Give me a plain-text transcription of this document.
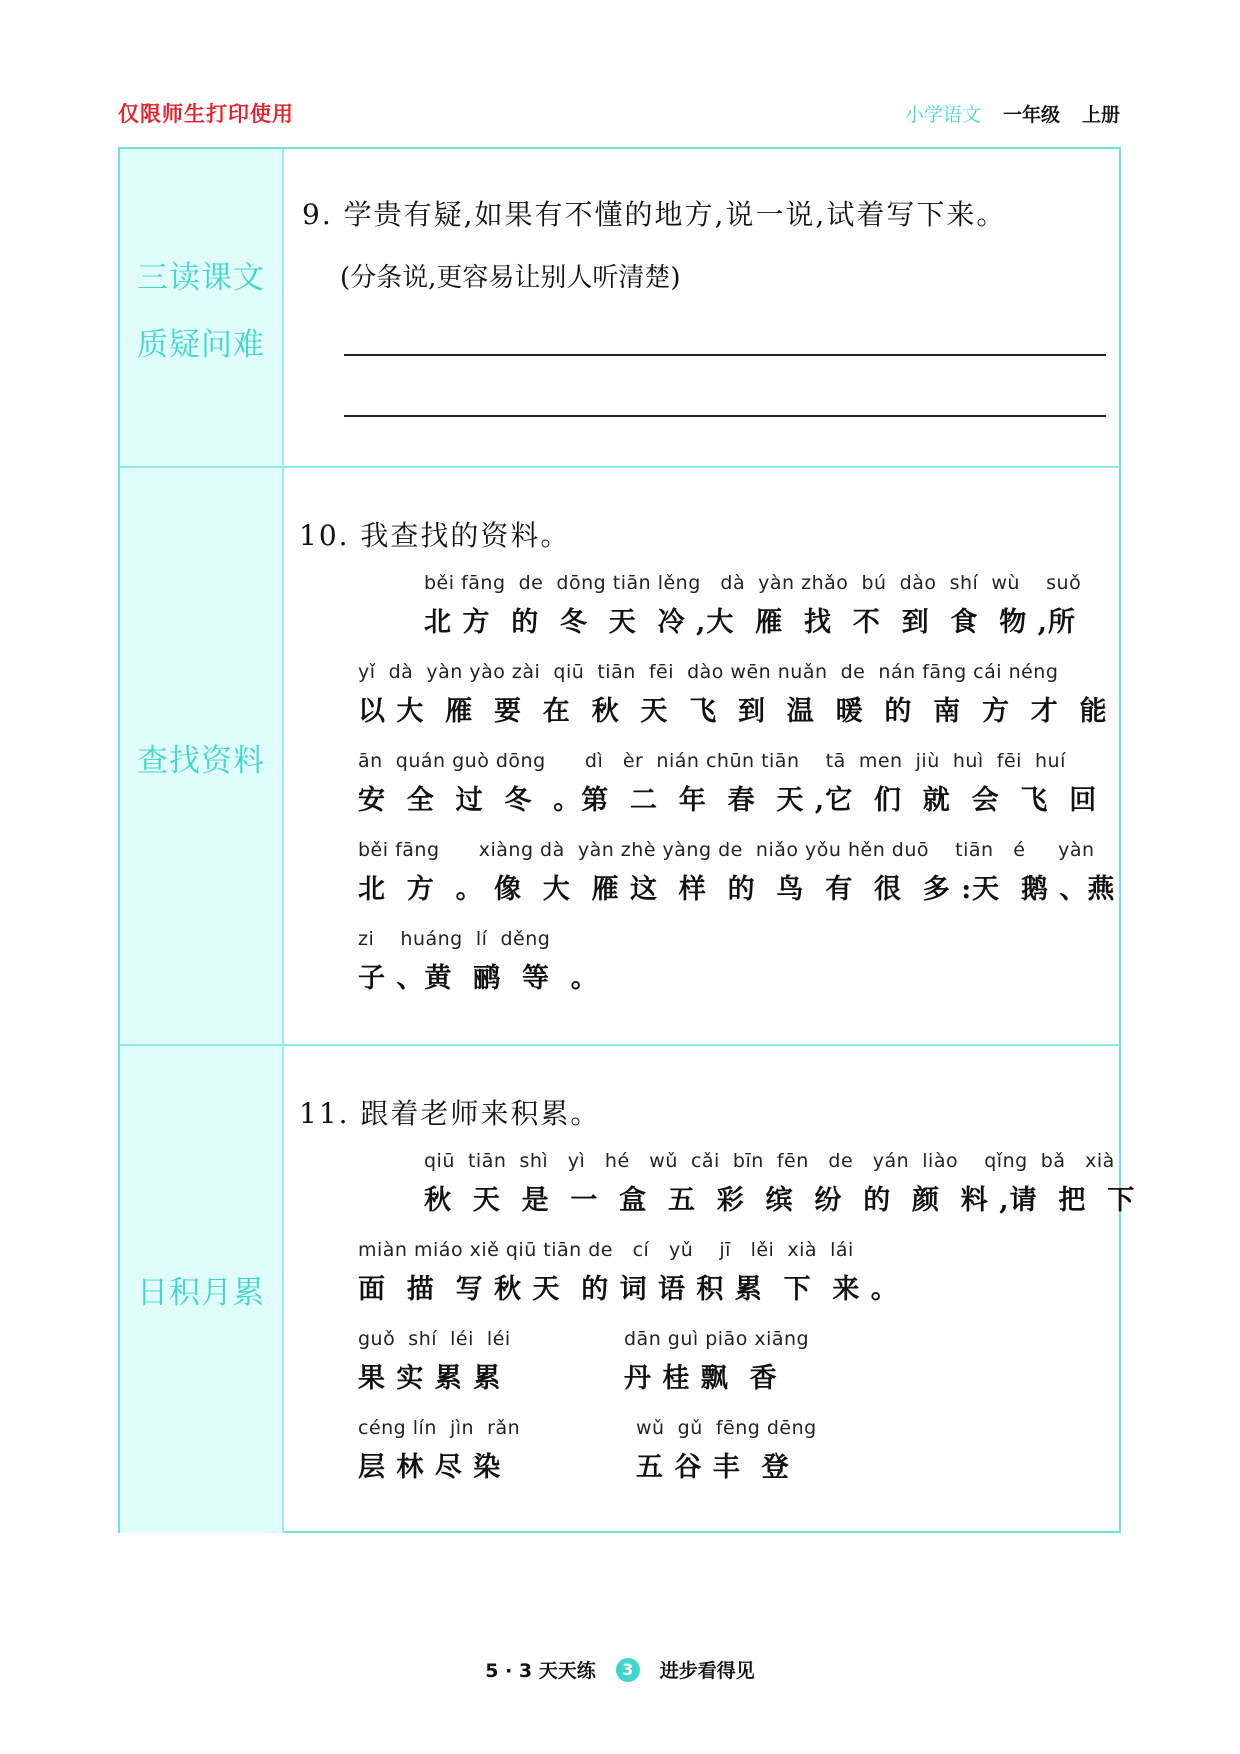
仅限师生打印使用	小学语文 一年级 上册
三读课文
质疑问难
9. 学贵有疑,如果有不懂的地方,说一说,试着写下来。
(分条说,更容易让别人听清楚)
查找资料
10. 我查找的资料。
běi fāng  de  dōng tiān lěng   dà  yàn zhǎo  bú  dào  shí  wù    suǒ
北 方  的  冬  天  冷 ,大  雁  找  不  到  食  物 ,所
yǐ  dà  yàn yào zài  qiū  tiān  fēi  dào wēn nuǎn  de  nán fāng cái néng
以 大  雁  要  在  秋  天  飞  到  温  暖  的  南  方  才  能
ān  quán guò dōng      dì   èr  nián chūn tiān    tā  men  jiù  huì  fēi  huí
安  全  过  冬  。第  二  年  春  天 ,它  们  就  会  飞  回
běi fāng      xiàng dà  yàn zhè yàng de  niǎo yǒu hěn duō    tiān   é     yàn
北  方  。 像  大  雁 这  样  的  鸟  有  很  多 :天  鹅 、燕
zi    huáng  lí  děng
子 、黄  鹂  等  。
日积月累
11. 跟着老师来积累。
qiū  tiān  shì   yì   hé   wǔ  cǎi  bīn  fēn   de   yán  liào    qǐng  bǎ   xià
秋  天  是  一  盒  五  彩  缤  纷  的  颜  料 ,请  把  下
miàn miáo xiě qiū tiān de   cí   yǔ    jī   lěi  xià  lái
面  描  写 秋 天  的 词 语 积 累  下  来 。
guǒ  shí  léi  léi
果 实 累 累
dān guì piāo xiāng
丹 桂 飘  香
céng lín  jìn  rǎn
层 林 尽 染
wǔ  gǔ  fēng dēng
五 谷 丰  登
5 · 3 天天练	3	进步看得见
